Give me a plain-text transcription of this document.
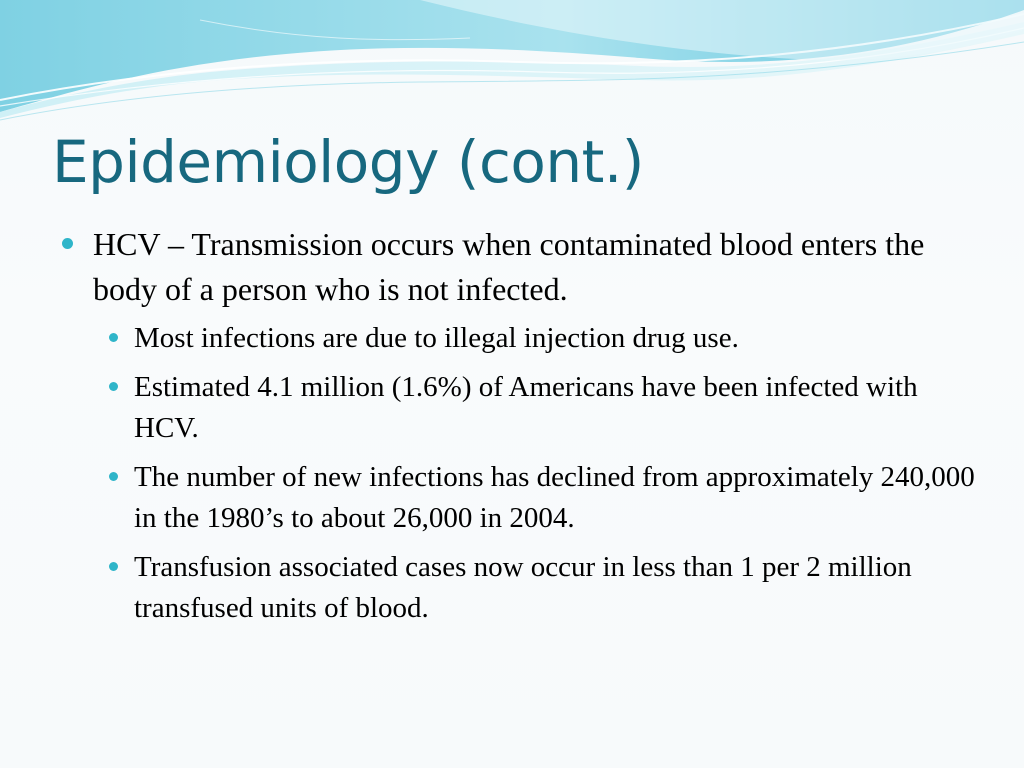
Epidemiology (cont.)
HCV – Transmission occurs when contaminated blood enters the body of a person who is not infected.
Most infections are due to illegal injection drug use.
Estimated 4.1 million (1.6%) of Americans have been infected with HCV.
The number of new infections has declined from approximately 240,000 in the 1980’s to about 26,000 in 2004.
Transfusion associated cases now occur in less than 1 per 2 million transfused units of blood.
